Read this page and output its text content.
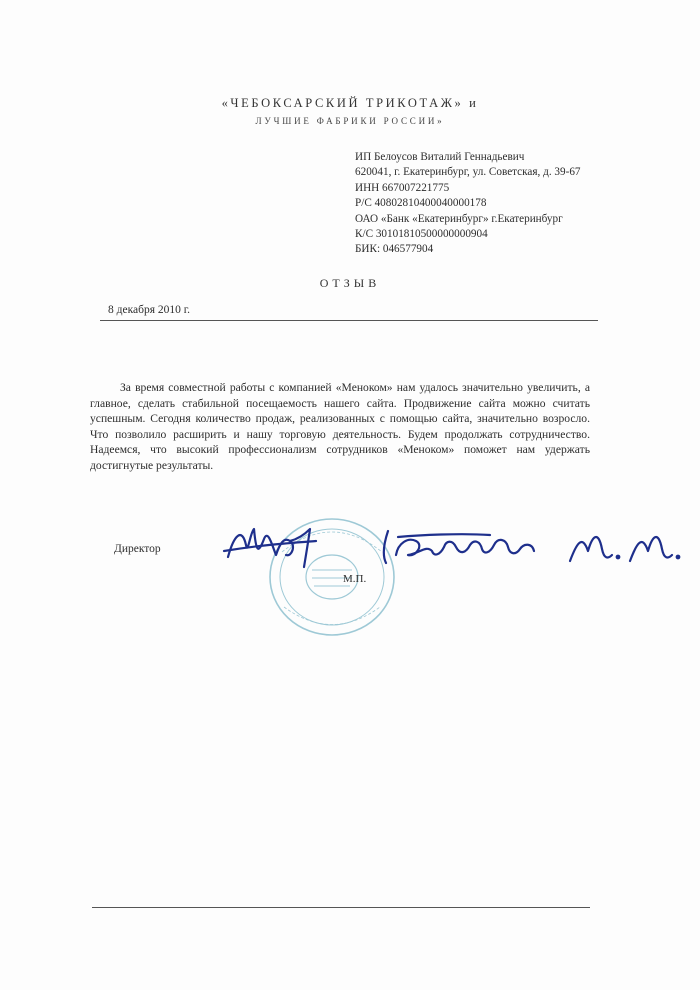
«ЧЕБОКСАРСКИЙ ТРИКОТАЖ» и
ЛУЧШИЕ ФАБРИКИ РОССИИ»
ИП Белоусов Виталий Геннадьевич
620041, г. Екатеринбург, ул. Советская, д. 39-67
ИНН 667007221775
Р/С 40802810400040000178
ОАО «Банк «Екатеринбург» г.Екатеринбург
К/С 30101810500000000904
БИК: 046577904
ОТЗЫВ
8 декабря 2010 г.
За время совместной работы с компанией «Меноком» нам удалось значительно увеличить, а главное, сделать стабильной посещаемость нашего сайта. Продвижение сайта можно считать успешным. Сегодня количество продаж, реализованных с помощью сайта, значительно возросло. Что позволило расширить и нашу торговую деятельность. Будем продолжать сотрудничество. Надеемся, что высокий профессионализм сотрудников «Меноком» поможет нам удержать достигнутые результаты.
Директор
М.П.
